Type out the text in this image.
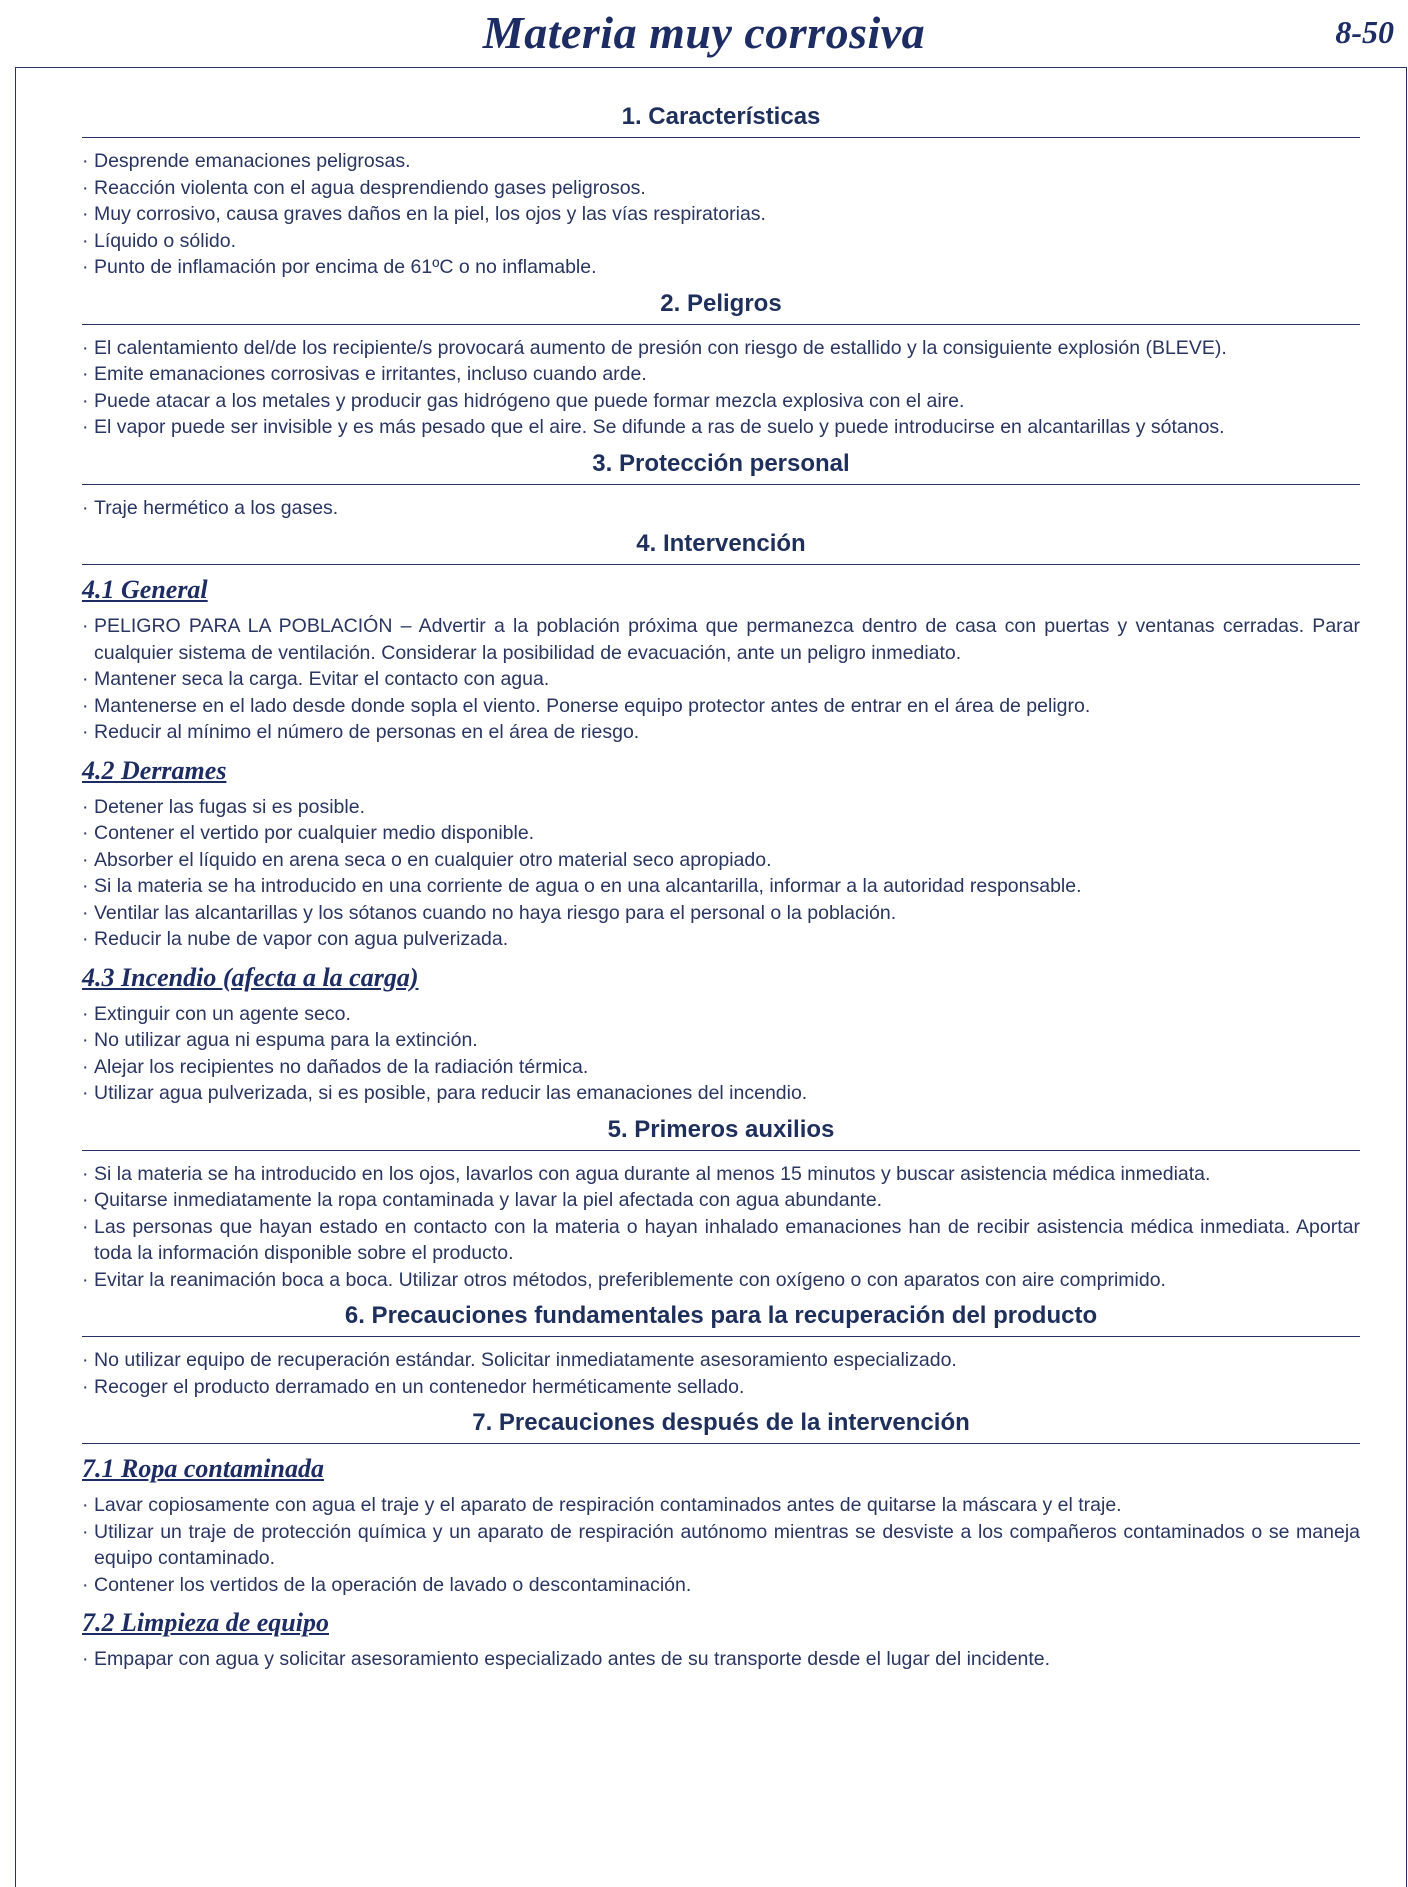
Materia muy corrosiva	8-50
1. Características
· Desprende emanaciones peligrosas.
· Reacción violenta con el agua desprendiendo gases peligrosos.
· Muy corrosivo, causa graves daños en la piel, los ojos y las vías respiratorias.
· Líquido o sólido.
· Punto de inflamación por encima de 61ºC o no inflamable.
2. Peligros
· El calentamiento del/de los recipiente/s provocará aumento de presión con riesgo de estallido y la consiguiente explosión (BLEVE).
· Emite emanaciones corrosivas e irritantes, incluso cuando arde.
· Puede atacar a los metales y producir gas hidrógeno que puede formar mezcla explosiva con el aire.
· El vapor puede ser invisible y es más pesado que el aire. Se difunde a ras de suelo y puede introducirse en alcantarillas y sótanos.
3. Protección personal
· Traje hermético a los gases.
4. Intervención
4.1 General
· PELIGRO PARA LA POBLACIÓN – Advertir a la población próxima que permanezca dentro de casa con puertas y ventanas cerradas. Parar cualquier sistema de ventilación. Considerar la posibilidad de evacuación, ante un peligro inmediato.
· Mantener seca la carga. Evitar el contacto con agua.
· Mantenerse en el lado desde donde sopla el viento. Ponerse equipo protector antes de entrar en el área de peligro.
· Reducir al mínimo el número de personas en el área de riesgo.
4.2 Derrames
· Detener las fugas si es posible.
· Contener el vertido por cualquier medio disponible.
· Absorber el líquido en arena seca o en cualquier otro material seco apropiado.
· Si la materia se ha introducido en una corriente de agua o en una alcantarilla, informar a la autoridad responsable.
· Ventilar las alcantarillas y los sótanos cuando no haya riesgo para el personal o la población.
· Reducir la nube de vapor con agua pulverizada.
4.3 Incendio (afecta a la carga)
· Extinguir con un agente seco.
· No utilizar agua ni espuma para la extinción.
· Alejar los recipientes no dañados de la radiación térmica.
· Utilizar agua pulverizada, si es posible, para reducir las emanaciones del incendio.
5. Primeros auxilios
· Si la materia se ha introducido en los ojos, lavarlos con agua durante al menos 15 minutos y buscar asistencia médica inmediata.
· Quitarse inmediatamente la ropa contaminada y lavar la piel afectada con agua abundante.
· Las personas que hayan estado en contacto con la materia o hayan inhalado emanaciones han de recibir asistencia médica inmediata. Aportar toda la información disponible sobre el producto.
· Evitar la reanimación boca a boca. Utilizar otros métodos, preferiblemente con oxígeno o con aparatos con aire comprimido.
6. Precauciones fundamentales para la recuperación del producto
· No utilizar equipo de recuperación estándar. Solicitar inmediatamente asesoramiento especializado.
· Recoger el producto derramado en un contenedor herméticamente sellado.
7. Precauciones después de la intervención
7.1 Ropa contaminada
· Lavar copiosamente con agua el traje y el aparato de respiración contaminados antes de quitarse la máscara y el traje.
· Utilizar un traje de protección química y un aparato de respiración autónomo mientras se desviste a los compañeros contaminados o se maneja equipo contaminado.
· Contener los vertidos de la operación de lavado o descontaminación.
7.2 Limpieza de equipo
· Empapar con agua y solicitar asesoramiento especializado antes de su transporte desde el lugar del incidente.
